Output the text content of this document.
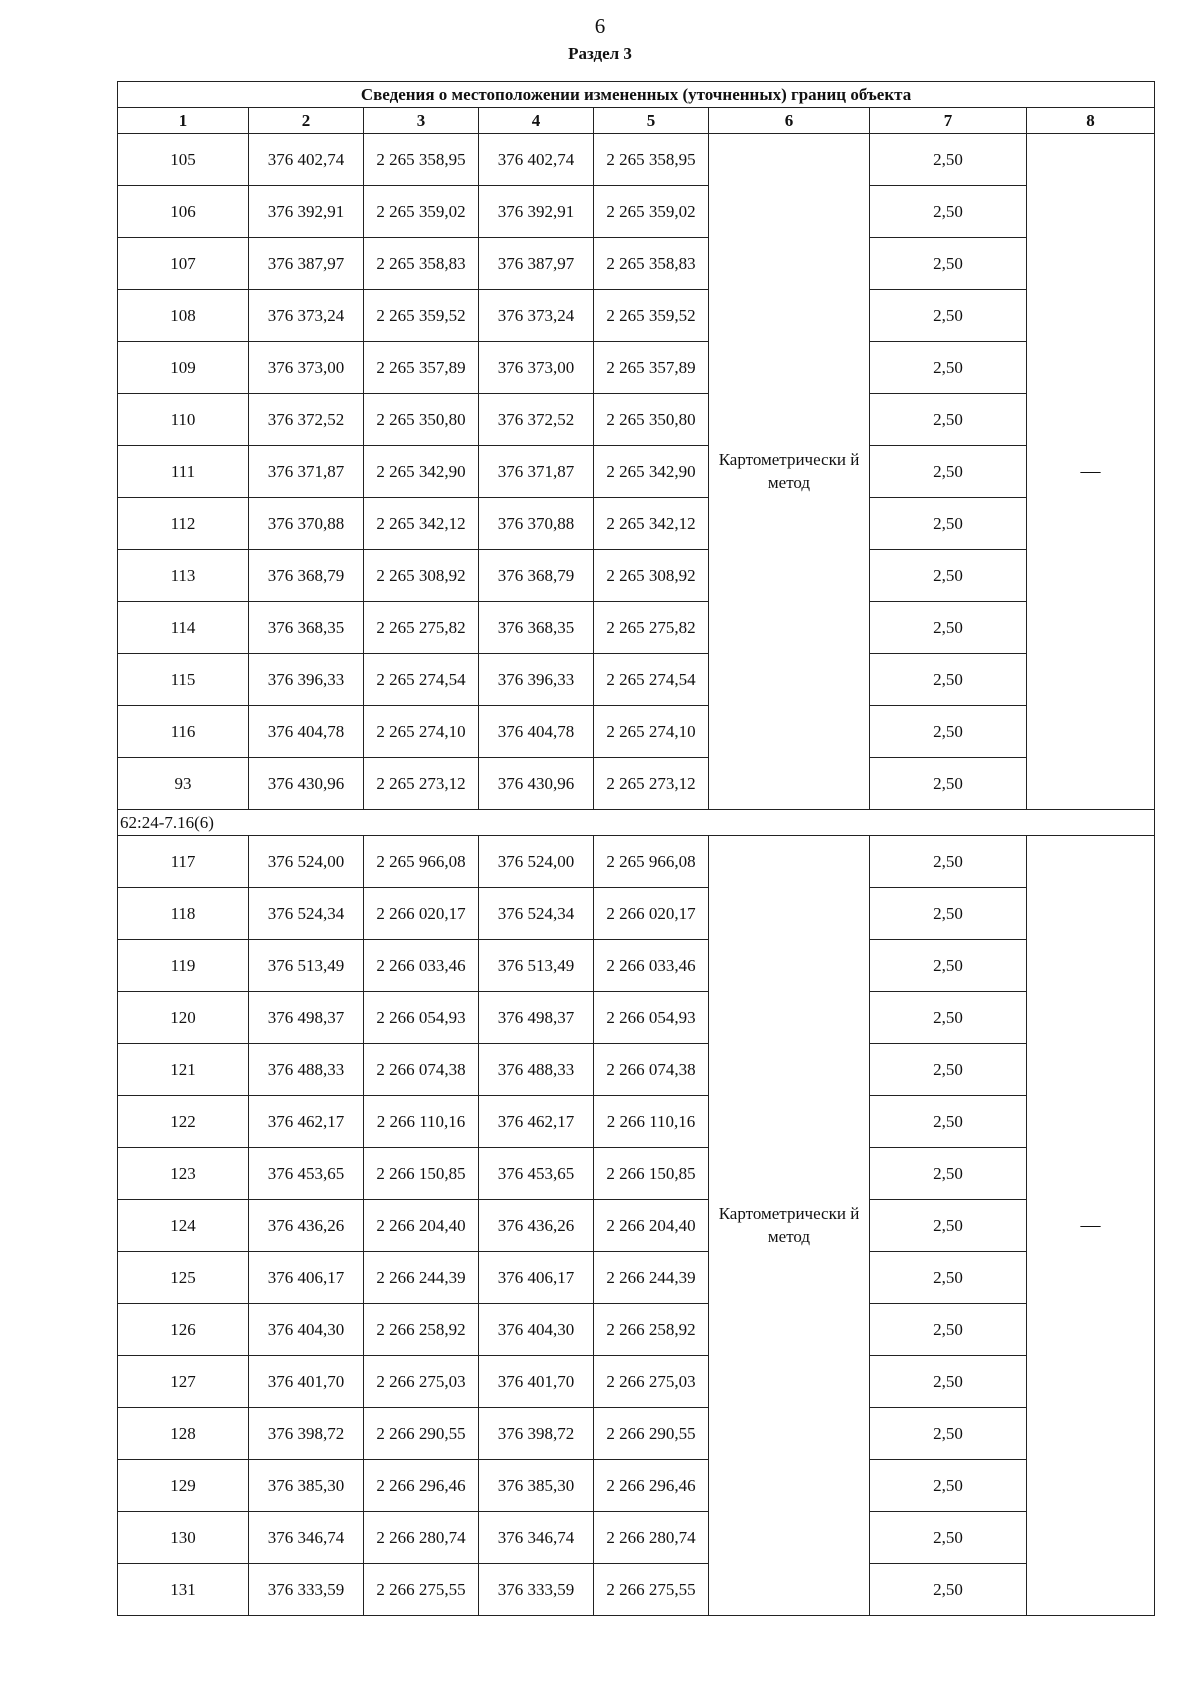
6
Раздел 3
Сведения о местоположении измененных (уточненных) границ объекта							
1	2	3	4	5	6	7	8
105	376 402,74	2 265 358,95	376 402,74	2 265 358,95	Картометрически й метод	2,50	—
106	376 392,91	2 265 359,02	376 392,91	2 265 359,02		2,50	
107	376 387,97	2 265 358,83	376 387,97	2 265 358,83		2,50	
108	376 373,24	2 265 359,52	376 373,24	2 265 359,52		2,50	
109	376 373,00	2 265 357,89	376 373,00	2 265 357,89		2,50	
110	376 372,52	2 265 350,80	376 372,52	2 265 350,80		2,50	
111	376 371,87	2 265 342,90	376 371,87	2 265 342,90		2,50	
112	376 370,88	2 265 342,12	376 370,88	2 265 342,12		2,50	
113	376 368,79	2 265 308,92	376 368,79	2 265 308,92		2,50	
114	376 368,35	2 265 275,82	376 368,35	2 265 275,82		2,50	
115	376 396,33	2 265 274,54	376 396,33	2 265 274,54		2,50	
116	376 404,78	2 265 274,10	376 404,78	2 265 274,10		2,50	
93	376 430,96	2 265 273,12	376 430,96	2 265 273,12		2,50	
62:24-7.16(6)							
117	376 524,00	2 265 966,08	376 524,00	2 265 966,08	Картометрически й метод	2,50	—
118	376 524,34	2 266 020,17	376 524,34	2 266 020,17		2,50	
119	376 513,49	2 266 033,46	376 513,49	2 266 033,46		2,50	
120	376 498,37	2 266 054,93	376 498,37	2 266 054,93		2,50	
121	376 488,33	2 266 074,38	376 488,33	2 266 074,38		2,50	
122	376 462,17	2 266 110,16	376 462,17	2 266 110,16		2,50	
123	376 453,65	2 266 150,85	376 453,65	2 266 150,85		2,50	
124	376 436,26	2 266 204,40	376 436,26	2 266 204,40		2,50	
125	376 406,17	2 266 244,39	376 406,17	2 266 244,39		2,50	
126	376 404,30	2 266 258,92	376 404,30	2 266 258,92		2,50	
127	376 401,70	2 266 275,03	376 401,70	2 266 275,03		2,50	
128	376 398,72	2 266 290,55	376 398,72	2 266 290,55		2,50	
129	376 385,30	2 266 296,46	376 385,30	2 266 296,46		2,50	
130	376 346,74	2 266 280,74	376 346,74	2 266 280,74		2,50	
131	376 333,59	2 266 275,55	376 333,59	2 266 275,55		2,50	
